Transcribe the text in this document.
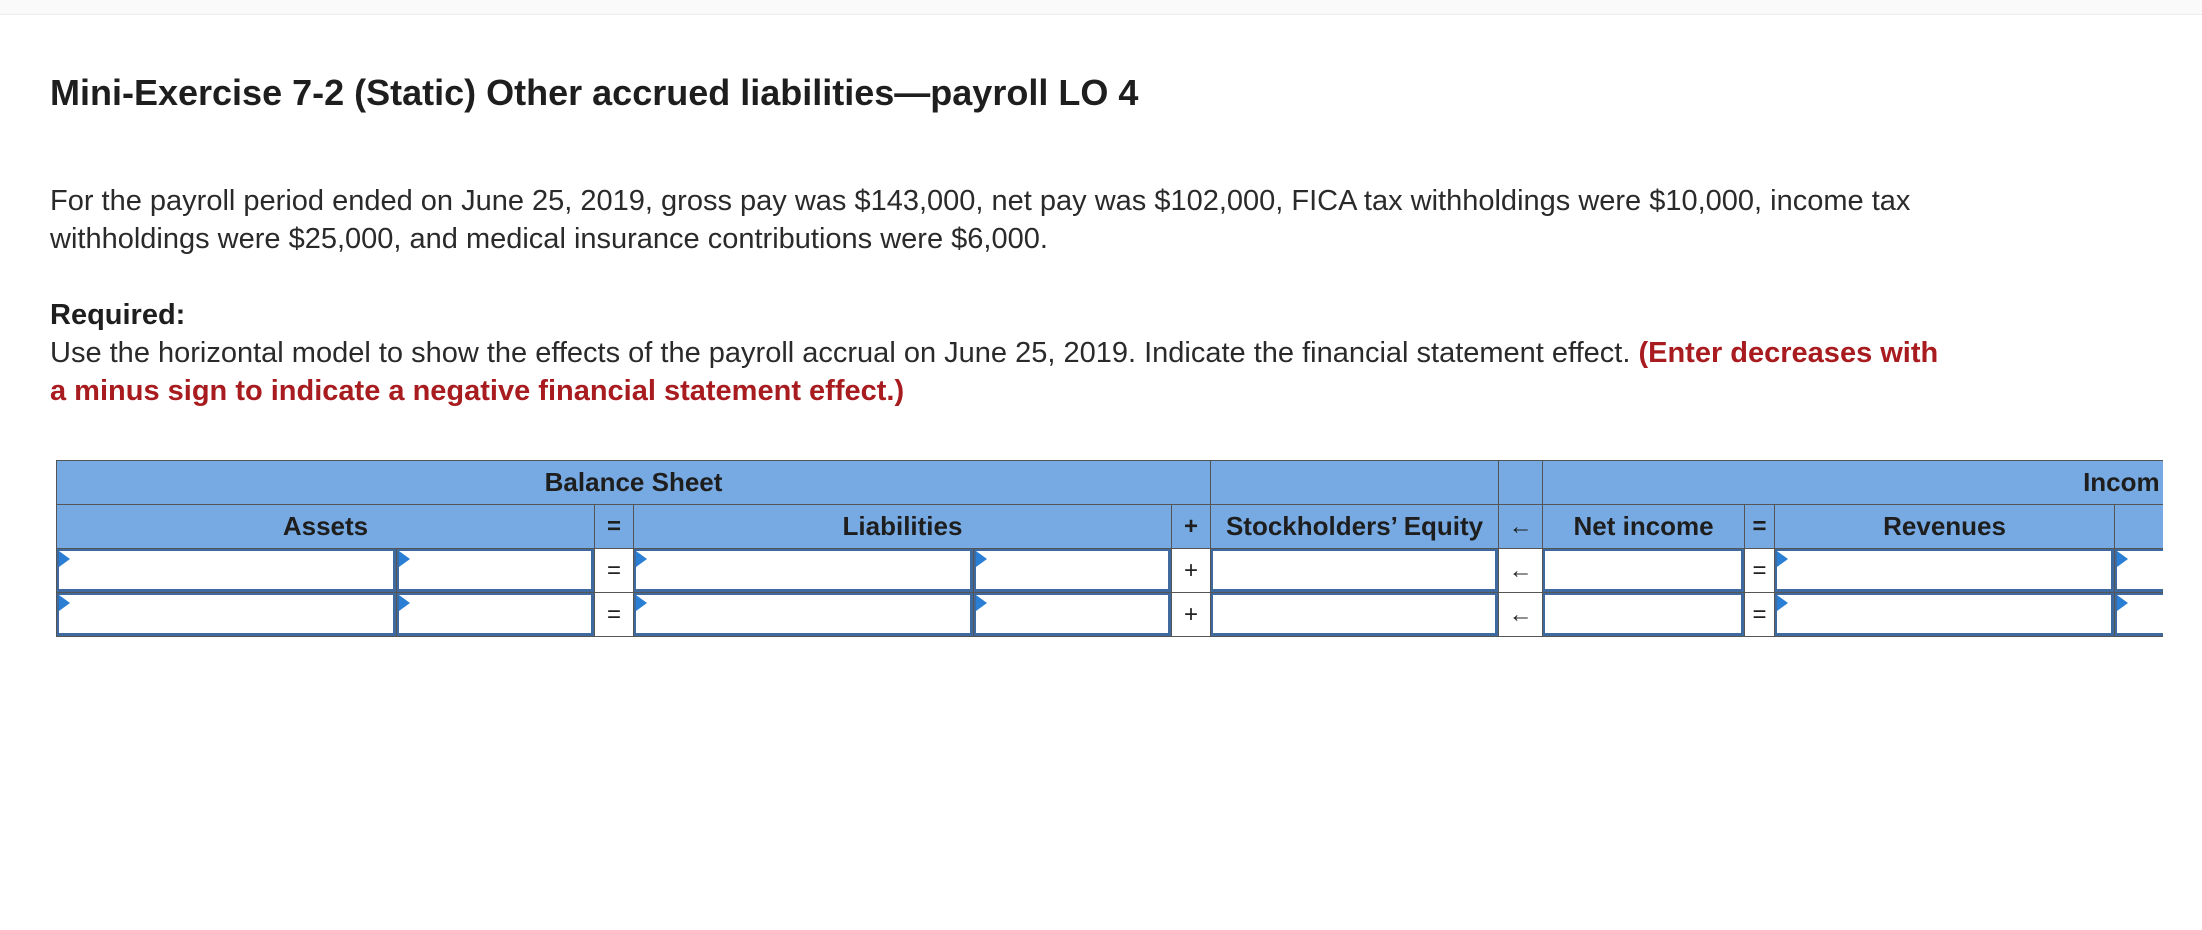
Mini-Exercise 7-2 (Static) Other accrued liabilities—payroll LO 4

For the payroll period ended on June 25, 2019, gross pay was $143,000, net pay was $102,000, FICA tax withholdings were $10,000, income tax withholdings were $25,000, and medical insurance contributions were $6,000.

Required:

Use the horizontal model to show the effects of the payroll accrual on June 25, 2019. Indicate the financial statement effect. (Enter decreases with a minus sign to indicate a negative financial statement effect.)

Balance Sheet								Incom			
Assets		=	Liabilities		+	Stockholders’ Equity	←	Net income	=	Revenues	

	=			+		←		=	

	=			+		←		=	
